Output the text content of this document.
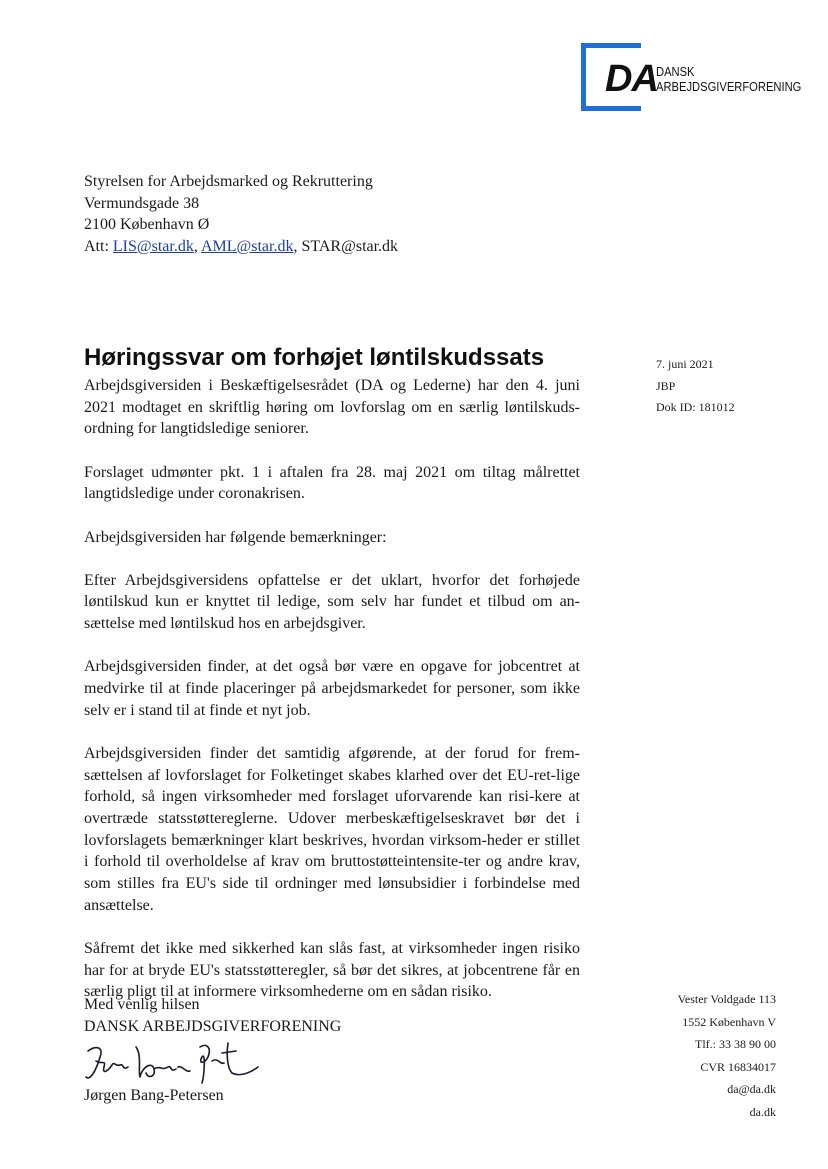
DA
DANSK
ARBEJDSGIVERFORENING
Styrelsen for Arbejdsmarked og Rekruttering
Vermundsgade 38
2100 København Ø
Att: LIS@star.dk, AML@star.dk, STAR@star.dk
Høringssvar om forhøjet løntilskudssats	7. juni 2021
JBP
Dok ID: 181012

Arbejdsgiversiden i Beskæftigelsesrådet (DA og Lederne) har den 4. juni 2021 modtaget en skriftlig høring om lovforslag om en særlig løntilskuds-ordning for langtidsledige seniorer.

Forslaget udmønter pkt. 1 i aftalen fra 28. maj 2021 om tiltag målrettet langtidsledige under coronakrisen.

Arbejdsgiversiden har følgende bemærkninger:

Efter Arbejdsgiversidens opfattelse er det uklart, hvorfor det forhøjede løntilskud kun er knyttet til ledige, som selv har fundet et tilbud om an-sættelse med løntilskud hos en arbejdsgiver.

Arbejdsgiversiden finder, at det også bør være en opgave for jobcentret at medvirke til at finde placeringer på arbejdsmarkedet for personer, som ikke selv er i stand til at finde et nyt job.

Arbejdsgiversiden finder det samtidig afgørende, at der forud for frem-sættelsen af lovforslaget for Folketinget skabes klarhed over det EU-ret-lige forhold, så ingen virksomheder med forslaget uforvarende kan risi-kere at overtræde statsstøttereglerne. Udover merbeskæftigelseskravet bør det i lovforslagets bemærkninger klart beskrives, hvordan virksom-heder er stillet i forhold til overholdelse af krav om bruttostøtteintensite-ter og andre krav, som stilles fra EU's side til ordninger med lønsubsidier i forbindelse med ansættelse.

Såfremt det ikke med sikkerhed kan slås fast, at virksomheder ingen risiko har for at bryde EU's statsstøtteregler, så bør det sikres, at jobcentrene får en særlig pligt til at informere virksomhederne om en sådan risiko.

Med venlig hilsen
DANSK ARBEJDSGIVERFORENING
Jørgen Bang-Petersen
Vester Voldgade 113
1552 København V
Tlf.: 33 38 90 00
CVR 16834017
da@da.dk
da.dk
